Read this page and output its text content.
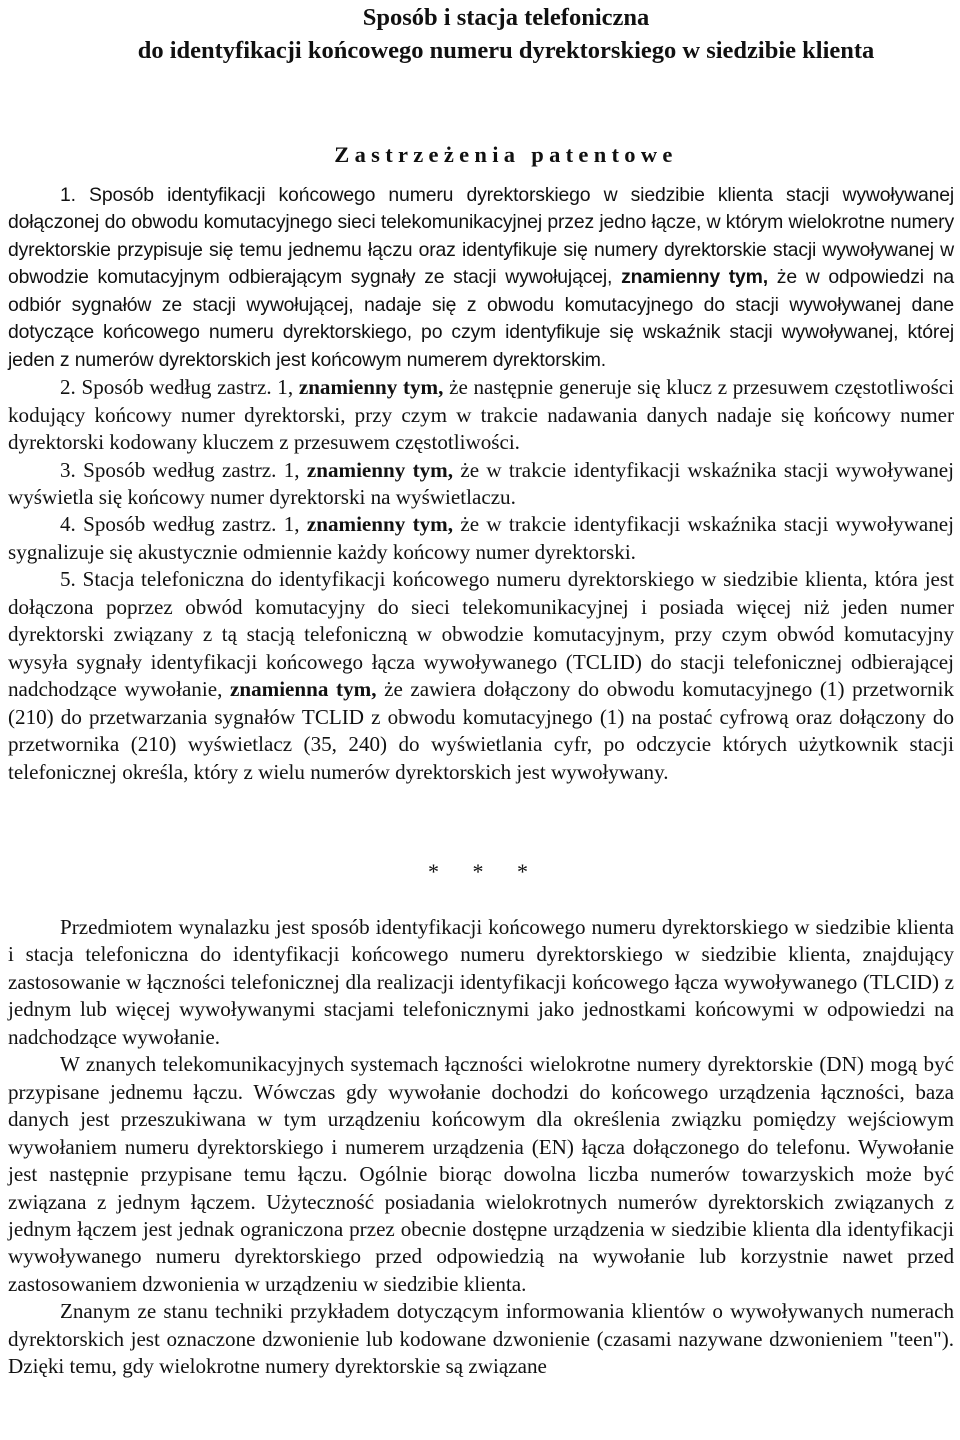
Sposób i stacja telefoniczna
do identyfikacji końcowego numeru dyrektorskiego w siedzibie klienta
Zastrzeżenia patentowe

1. Sposób identyfikacji końcowego numeru dyrektorskiego w siedzibie klienta stacji wywoływanej dołączonej do obwodu komutacyjnego sieci telekomunikacyjnej przez jedno łącze, w którym wielokrotne numery dyrektorskie przypisuje się temu jednemu łączu oraz identyfikuje się numery dyrektorskie stacji wywoływanej w obwodzie komutacyjnym odbierającym sygnały ze stacji wywołującej, znamienny tym, że w odpowiedzi na odbiór sygnałów ze stacji wywołującej, nadaje się z obwodu komutacyjnego do stacji wywoływanej dane dotyczące końcowego numeru dyrektorskiego, po czym identyfikuje się wskaźnik stacji wywoływanej, której jeden z numerów dyrektorskich jest końcowym numerem dyrektorskim.

2. Sposób według zastrz. 1, znamienny tym, że następnie generuje się klucz z przesuwem częstotliwości kodujący końcowy numer dyrektorski, przy czym w trakcie nadawania danych nadaje się końcowy numer dyrektorski kodowany kluczem z przesuwem częstotliwości.

3. Sposób według zastrz. 1, znamienny tym, że w trakcie identyfikacji wskaźnika stacji wywoływanej wyświetla się końcowy numer dyrektorski na wyświetlaczu.

4. Sposób według zastrz. 1, znamienny tym, że w trakcie identyfikacji wskaźnika stacji wywoływanej sygnalizuje się akustycznie odmiennie każdy końcowy numer dyrektorski.

5. Stacja telefoniczna do identyfikacji końcowego numeru dyrektorskiego w siedzibie klienta, która jest dołączona poprzez obwód komutacyjny do sieci telekomunikacyjnej i posiada więcej niż jeden numer dyrektorski związany z tą stacją telefoniczną w obwodzie komutacyjnym, przy czym obwód komutacyjny wysyła sygnały identyfikacji końcowego łącza wywoływanego (TCLID) do stacji telefonicznej odbierającej nadchodzące wywołanie, znamienna tym, że zawiera dołączony do obwodu komutacyjnego (1) przetwornik (210) do przetwarzania sygnałów TCLID z obwodu komutacyjnego (1) na postać cyfrową oraz dołączony do przetwornika (210) wyświetlacz (35, 240) do wyświetlania cyfr, po odczycie których użytkownik stacji telefonicznej określa, który z wielu numerów dyrektorskich jest wywoływany.

* * *

Przedmiotem wynalazku jest sposób identyfikacji końcowego numeru dyrektorskiego w siedzibie klienta i stacja telefoniczna do identyfikacji końcowego numeru dyrektorskiego w siedzibie klienta, znajdujący zastosowanie w łączności telefonicznej dla realizacji identyfikacji końcowego łącza wywoływanego (TLCID) z jednym lub więcej wywoływanymi stacjami telefonicznymi jako jednostkami końcowymi w odpowiedzi na nadchodzące wywołanie.

W znanych telekomunikacyjnych systemach łączności wielokrotne numery dyrektorskie (DN) mogą być przypisane jednemu łączu. Wówczas gdy wywołanie dochodzi do końcowego urządzenia łączności, baza danych jest przeszukiwana w tym urządzeniu końcowym dla określenia związku pomiędzy wejściowym wywołaniem numeru dyrektorskiego i numerem urządzenia (EN) łącza dołączonego do telefonu. Wywołanie jest następnie przypisane temu łączu. Ogólnie biorąc dowolna liczba numerów towarzyskich może być związana z jednym łączem. Użyteczność posiadania wielokrotnych numerów dyrektorskich związanych z jednym łączem jest jednak ograniczona przez obecnie dostępne urządzenia w siedzibie klienta dla identyfikacji wywoływanego numeru dyrektorskiego przed odpowiedzią na wywołanie lub korzystnie nawet przed zastosowaniem dzwonienia w urządzeniu w siedzibie klienta.

Znanym ze stanu techniki przykładem dotyczącym informowania klientów o wywoływanych numerach dyrektorskich jest oznaczone dzwonienie lub kodowane dzwonienie (czasami nazywane dzwonieniem "teen"). Dzięki temu, gdy wielokrotne numery dyrektorskie są związane
